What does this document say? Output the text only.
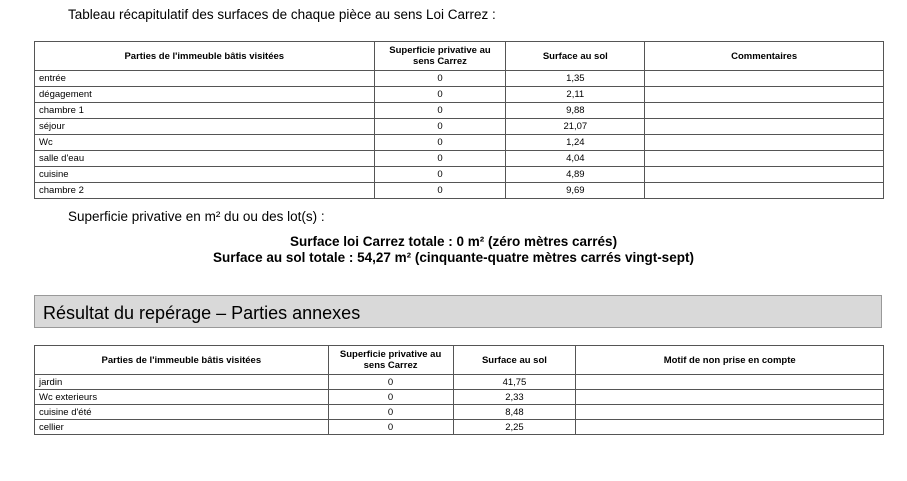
Tableau récapitulatif des surfaces de chaque pièce au sens Loi Carrez :
Parties de l'immeuble bâtis visitées	Superficie privative au sens Carrez	Surface au sol	Commentaires
entrée	0	1,35	
dégagement	0	2,11	
chambre 1	0	9,88	
séjour	0	21,07	
Wc	0	1,24	
salle d'eau	0	4,04	
cuisine	0	4,89	
chambre 2	0	9,69	
Superficie privative en m² du ou des lot(s) :
Surface loi Carrez totale : 0 m² (zéro mètres carrés)
Surface au sol totale : 54,27 m² (cinquante-quatre mètres carrés vingt-sept)
Résultat du repérage – Parties annexes
Parties de l'immeuble bâtis visitées	Superficie privative au sens Carrez	Surface au sol	Motif de non prise en compte
jardin	0	41,75	
Wc exterieurs	0	2,33	
cuisine d'été	0	8,48	
cellier	0	2,25	
